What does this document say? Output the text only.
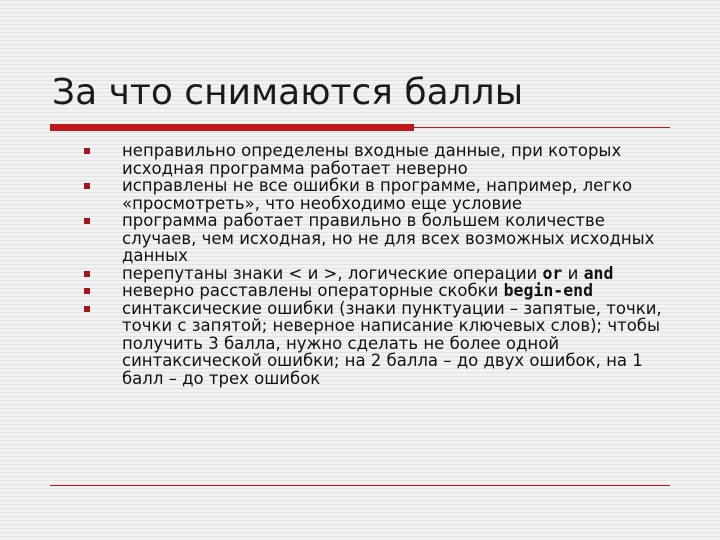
За что снимаются баллы
неправильно определены входные данные, при которых исходная программа работает неверно
исправлены не все ошибки в программе, например, легко «просмотреть», что необходимо еще условие
программа работает правильно в большем количестве случаев, чем исходная, но не для всех возможных исходных данных
перепутаны знаки < и >, логические операции or и and
неверно расставлены операторные скобки begin-end
синтаксические ошибки (знаки пунктуации – запятые, точки, точки с запятой; неверное написание ключевых слов); чтобы получить 3 балла, нужно сделать не более одной синтаксической ошибки; на 2 балла – до двух ошибок, на 1 балл – до трех ошибок
